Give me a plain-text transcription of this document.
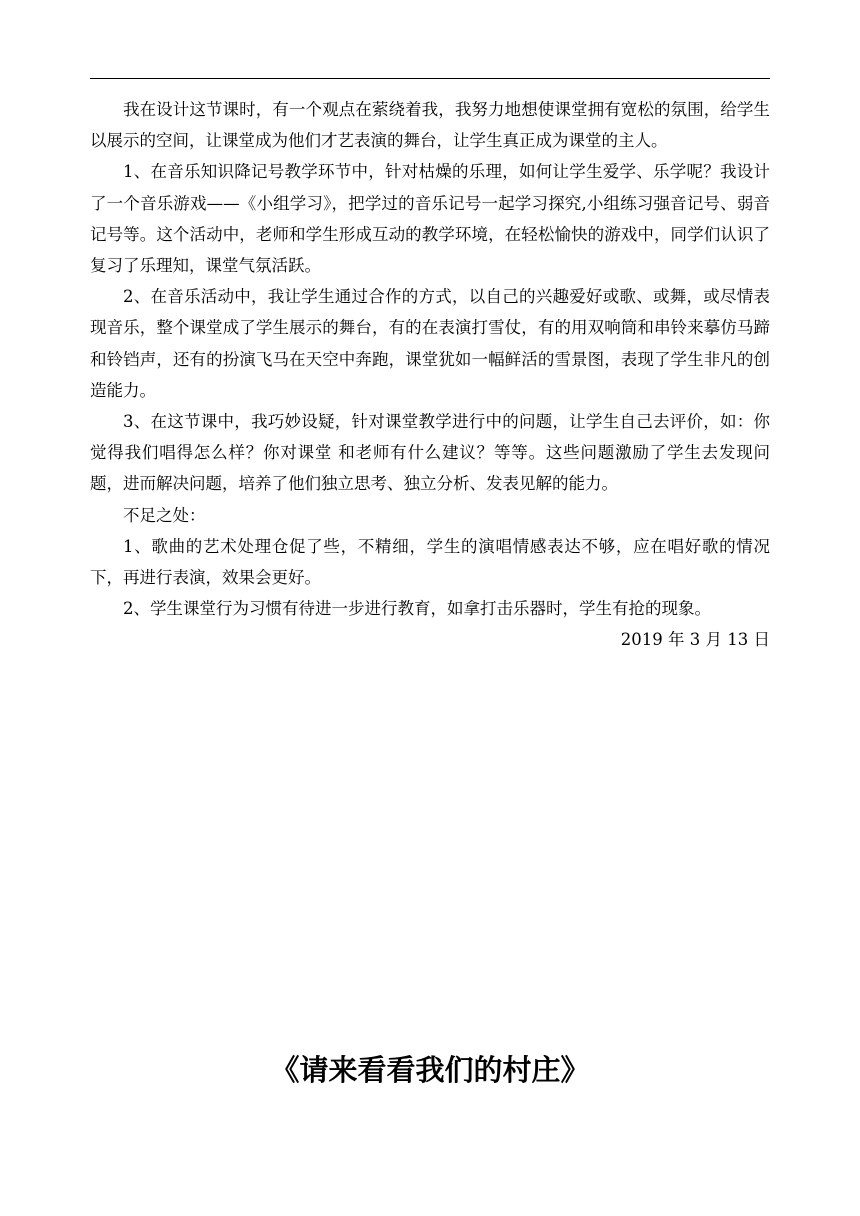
我在设计这节课时，有一个观点在萦绕着我，我努力地想使课堂拥有宽松的氛围，给学生以展示的空间，让课堂成为他们才艺表演的舞台，让学生真正成为课堂的主人。

1、在音乐知识降记号教学环节中，针对枯燥的乐理，如何让学生爱学、乐学呢？我设计了一个音乐游戏——《小组学习》，把学过的音乐记号一起学习探究,小组练习强音记号、弱音记号等。这个活动中，老师和学生形成互动的教学环境，在轻松愉快的游戏中，同学们认识了复习了乐理知，课堂气氛活跃。

2、在音乐活动中，我让学生通过合作的方式，以自己的兴趣爱好或歌、或舞，或尽情表现音乐，整个课堂成了学生展示的舞台，有的在表演打雪仗，有的用双响筒和串铃来摹仿马蹄和铃铛声，还有的扮演飞马在天空中奔跑，课堂犹如一幅鲜活的雪景图，表现了学生非凡的创造能力。

3、在这节课中，我巧妙设疑，针对课堂教学进行中的问题，让学生自己去评价，如：你觉得我们唱得怎么样？你对课堂 和老师有什么建议？等等。这些问题激励了学生去发现问题，进而解决问题，培养了他们独立思考、独立分析、发表见解的能力。

不足之处：

1、歌曲的艺术处理仓促了些，不精细，学生的演唱情感表达不够，应在唱好歌的情况下，再进行表演，效果会更好。

2、学生课堂行为习惯有待进一步进行教育，如拿打击乐器时，学生有抢的现象。

2019 年 3 月 13 日

《请来看看我们的村庄》
